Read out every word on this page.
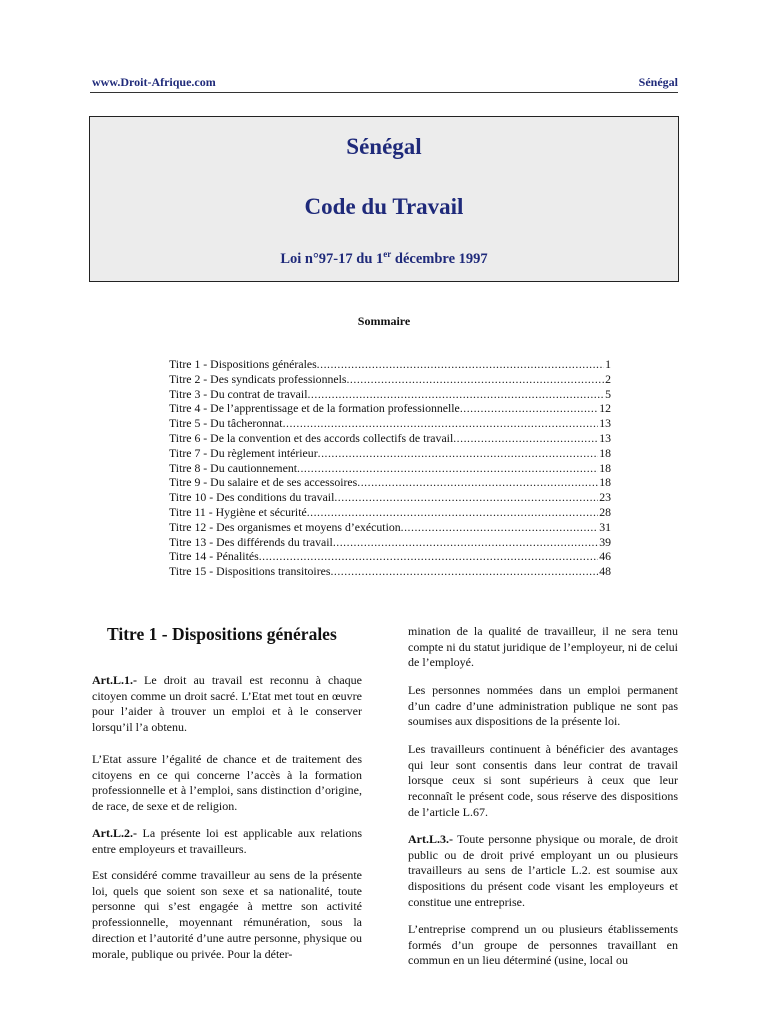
www.Droit-Afrique.com	Sénégal
Sénégal
Code du Travail
Loi n°97-17 du 1er décembre 1997
Sommaire
Titre 1 - Dispositions générales .....	1
Titre 2 - Des syndicats professionnels .....	2
Titre 3 - Du contrat de travail .....	5
Titre 4 - De l’apprentissage et de la formation professionnelle .....	12
Titre 5 - Du tâcheronnat .....	13
Titre 6 - De la convention et des accords collectifs de travail .....	13
Titre 7 - Du règlement intérieur .....	18
Titre 8 - Du cautionnement .....	18
Titre 9 - Du salaire et de ses accessoires .....	18
Titre 10 - Des conditions du travail .....	23
Titre 11 - Hygiène et sécurité .....	28
Titre 12 - Des organismes et moyens d’exécution .....	31
Titre 13 - Des différends du travail .....	39
Titre 14 - Pénalités .....	46
Titre 15 - Dispositions transitoires .....	48
Titre 1 - Dispositions générales

Art.L.1.- Le droit au travail est reconnu à chaque citoyen comme un droit sacré. L’Etat met tout en œuvre pour l’aider à trouver un emploi et à le conserver lorsqu’il l’a obtenu.

L’Etat assure l’égalité de chance et de traitement des citoyens en ce qui concerne l’accès à la formation professionnelle et à l’emploi, sans distinction d’origine, de race, de sexe et de religion.

Art.L.2.- La présente loi est applicable aux relations entre employeurs et travailleurs.

Est considéré comme travailleur au sens de la présente loi, quels que soient son sexe et sa nationalité, toute personne qui s’est engagée à mettre son activité professionnelle, moyennant rémunération, sous la direction et l’autorité d’une autre personne, physique ou morale, publique ou privée. Pour la déter-

mination de la qualité de travailleur, il ne sera tenu compte ni du statut juridique de l’employeur, ni de celui de l’employé.

Les personnes nommées dans un emploi permanent d’un cadre d’une administration publique ne sont pas soumises aux dispositions de la présente loi.

Les travailleurs continuent à bénéficier des avantages qui leur sont consentis dans leur contrat de travail lorsque ceux si sont supérieurs à ceux que leur reconnaît le présent code, sous réserve des dispositions de l’article L.67.

Art.L.3.- Toute personne physique ou morale, de droit public ou de droit privé employant un ou plusieurs travailleurs au sens de l’article L.2. est soumise aux dispositions du présent code visant les employeurs et constitue une entreprise.

L’entreprise comprend un ou plusieurs établissements formés d’un groupe de personnes travaillant en commun en un lieu déterminé (usine, local ou
